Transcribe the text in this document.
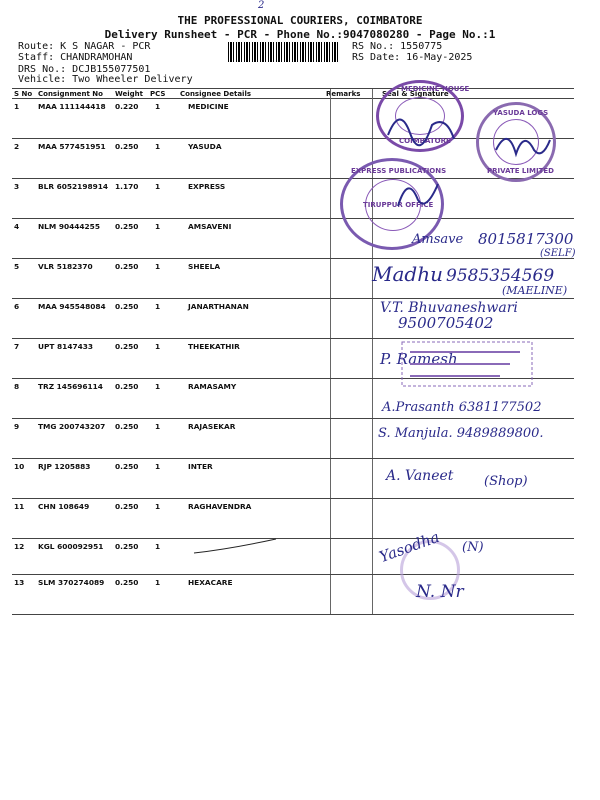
2
THE PROFESSIONAL COURIERS, COIMBATORE
Delivery Runsheet - PCR - Phone No.:9047080280 - Page No.:1
Route: K S NAGAR - PCR
Staff: CHANDRAMOHAN
DRS No.: DCJB155077501
Vehicle: Two Wheeler Delivery
RS No.: 1550775
RS Date: 16-May-2025
S No Consignment No Weight PCS Consignee Details	Remarks	Seal & Signature
1	MAA 111144418 0.220 1	MEDICINE
2	MAA 577451951 0.250 1	YASUDA
3	BLR 6052198914 1.170 1	EXPRESS
4	NLM 90444255 0.250 1	AMSAVENI
5	VLR 5182370	0.250 1	SHEELA
6	MAA 945548084 0.250 1	JANARTHANAN
7	UPT 8147433	0.250 1	THEEKATHIR
8	TRZ 145696114 0.250 1	RAMASAMY
9	TMG 200743207 0.250 1	RAJASEKAR
10 RJP 1205883	0.250 1	INTER
11 CHN 108649	0.250 1	RAGHAVENDRA
12 KGL 600092951 0.250 1
13 SLM 370274089 0.250 1	HEXACARE
MEDICINE HOUSE
COIMBATORE
YASUDA LOGS
PRIVATE LIMITED
EXPRESS PUBLICATIONS
TIRUPPUR OFFICE
Amsave 8015817300
(SELF)
Madhu 9585354569
(MAELINE)
V.T. Bhuvaneshwari
9500705402
P. Ramesh
A.Prasanth 6381177502
S. Manjula. 9489889800.
A. Vaneet (Shop)
Yasodha (N)
N. Nr
